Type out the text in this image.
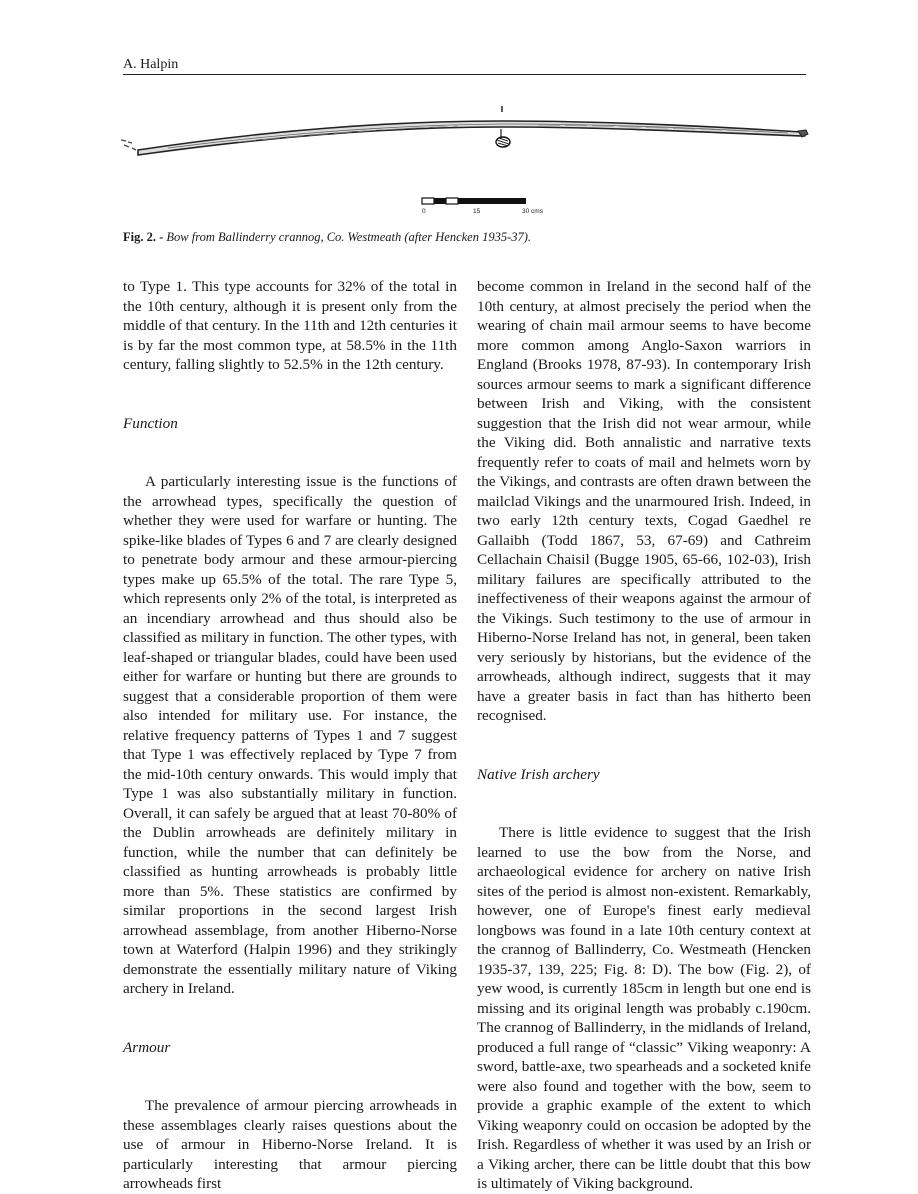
A. Halpin
0	15	30 cms
Fig. 2. - Bow from Ballinderry crannog, Co. Westmeath (after Hencken 1935-37).

to Type 1. This type accounts for 32% of the total in the 10th century, although it is present only from the middle of that century. In the 11th and 12th centuries it is by far the most common type, at 58.5% in the 11th century, falling slightly to 52.5% in the 12th century.

Function

A particularly interesting issue is the functions of the arrowhead types, specifically the question of whether they were used for warfare or hunting. The spike-like blades of Types 6 and 7 are clearly designed to penetrate body armour and these armour-piercing types make up 65.5% of the total. The rare Type 5, which represents only 2% of the total, is interpreted as an incendiary arrowhead and thus should also be classified as military in function. The other types, with leaf-shaped or triangular blades, could have been used either for warfare or hunting but there are grounds to suggest that a considerable proportion of them were also intended for military use. For instance, the relative frequency patterns of Types 1 and 7 suggest that Type 1 was effectively replaced by Type 7 from the mid-10th century onwards. This would imply that Type 1 was also substantially military in function. Overall, it can safely be argued that at least 70-80% of the Dublin arrowheads are definitely military in function, while the number that can definitely be classified as hunting arrowheads is probably little more than 5%. These statistics are confirmed by similar proportions in the second largest Irish arrowhead assemblage, from another Hiberno-Norse town at Waterford (Halpin 1996) and they strikingly demonstrate the essentially military nature of Viking archery in Ireland.

Armour

The prevalence of armour piercing arrowheads in these assemblages clearly raises questions about the use of armour in Hiberno-Norse Ireland. It is particularly interesting that armour piercing arrowheads first

become common in Ireland in the second half of the 10th century, at almost precisely the period when the wearing of chain mail armour seems to have become more common among Anglo-Saxon warriors in England (Brooks 1978, 87-93). In contemporary Irish sources armour seems to mark a significant difference between Irish and Viking, with the consistent suggestion that the Irish did not wear armour, while the Viking did. Both annalistic and narrative texts frequently refer to coats of mail and helmets worn by the Vikings, and contrasts are often drawn between the mailclad Vikings and the unarmoured Irish. Indeed, in two early 12th century texts, Cogad Gaedhel re Gallaibh (Todd 1867, 53, 67-69) and Cathreim Cellachain Chaisil (Bugge 1905, 65-66, 102-03), Irish military failures are specifically attributed to the ineffectiveness of their weapons against the armour of the Vikings. Such testimony to the use of armour in Hiberno-Norse Ireland has not, in general, been taken very seriously by historians, but the evidence of the arrowheads, although indirect, suggests that it may have a greater basis in fact than has hitherto been recognised.

Native Irish archery

There is little evidence to suggest that the Irish learned to use the bow from the Norse, and archaeological evidence for archery on native Irish sites of the period is almost non-existent. Remarkably, however, one of Europe's finest early medieval longbows was found in a late 10th century context at the crannog of Ballinderry, Co. Westmeath (Hencken 1935-37, 139, 225; Fig. 8: D). The bow (Fig. 2), of yew wood, is currently 185cm in length but one end is missing and its original length was probably c.190cm. The crannog of Ballinderry, in the midlands of Ireland, produced a full range of “classic” Viking weaponry: A sword, battle-axe, two spearheads and a socketed knife were also found and together with the bow, seem to provide a graphic example of the extent to which Viking weaponry could on occasion be adopted by the Irish. Regardless of whether it was used by an Irish or a Viking archer, there can be little doubt that this bow is ultimately of Viking background.
